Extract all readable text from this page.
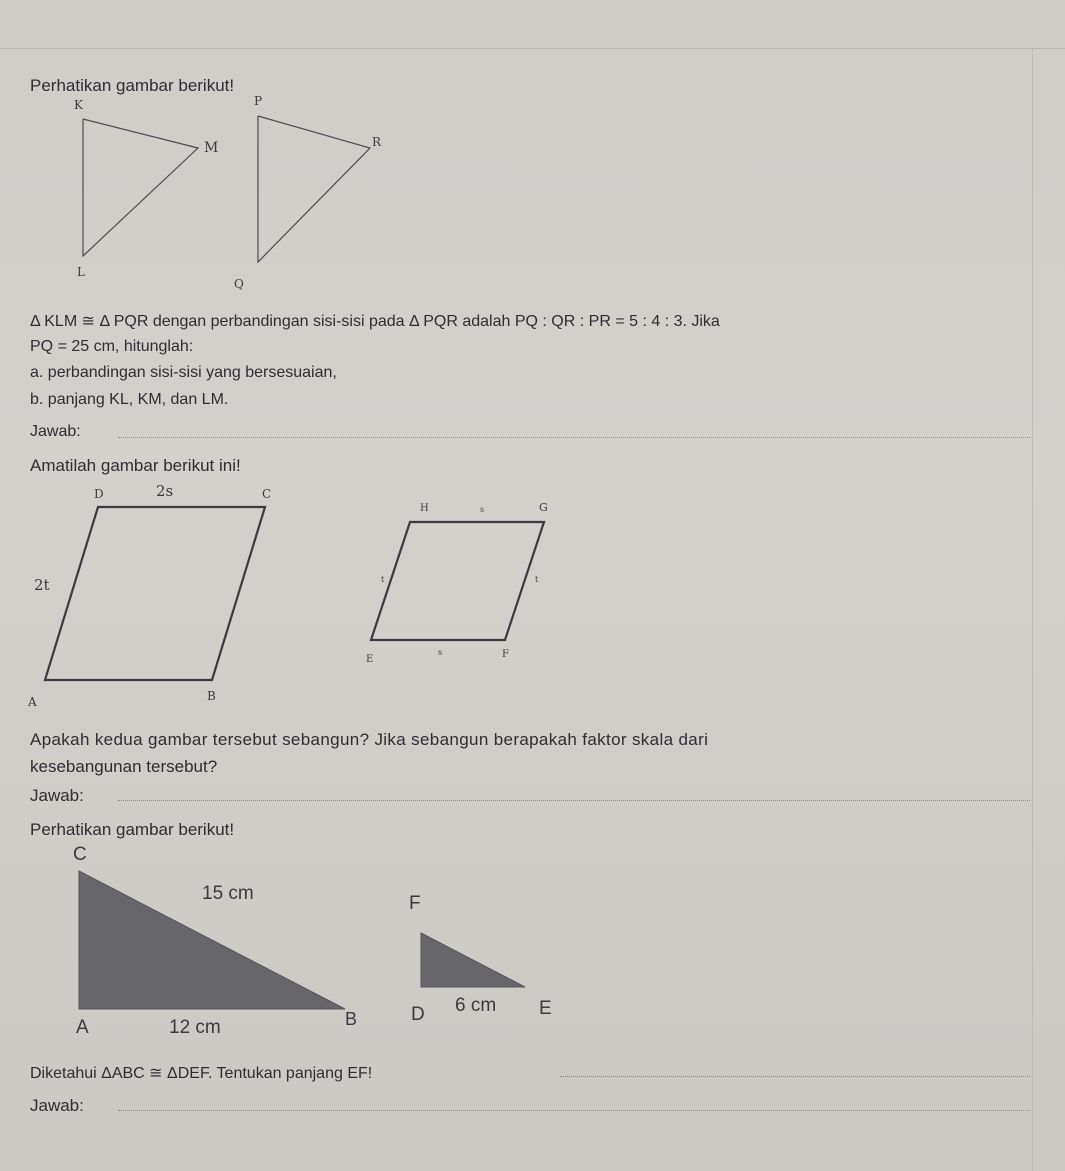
Perhatikan gambar berikut!
K
M
L
P
R
Q
Δ KLM ≅ Δ PQR dengan perbandingan sisi-sisi pada Δ PQR adalah PQ : QR : PR = 5 : 4 : 3. Jika
PQ = 25 cm, hitunglah:
a. perbandingan sisi-sisi yang bersesuaian,
b. panjang KL, KM, dan LM.
Jawab:
Amatilah gambar berikut ini!
D	2s	C
2t
A	B
H	s	G
t	t
E
s	F
Apakah kedua gambar tersebut sebangun? Jika sebangun berapakah faktor skala dari
kesebangunan tersebut?
Jawab:
Perhatikan gambar berikut!
C
15 cm
A	12 cm	B
F
D 6 cm E
Diketahui ΔABC ≅ ΔDEF. Tentukan panjang EF!
Jawab:
